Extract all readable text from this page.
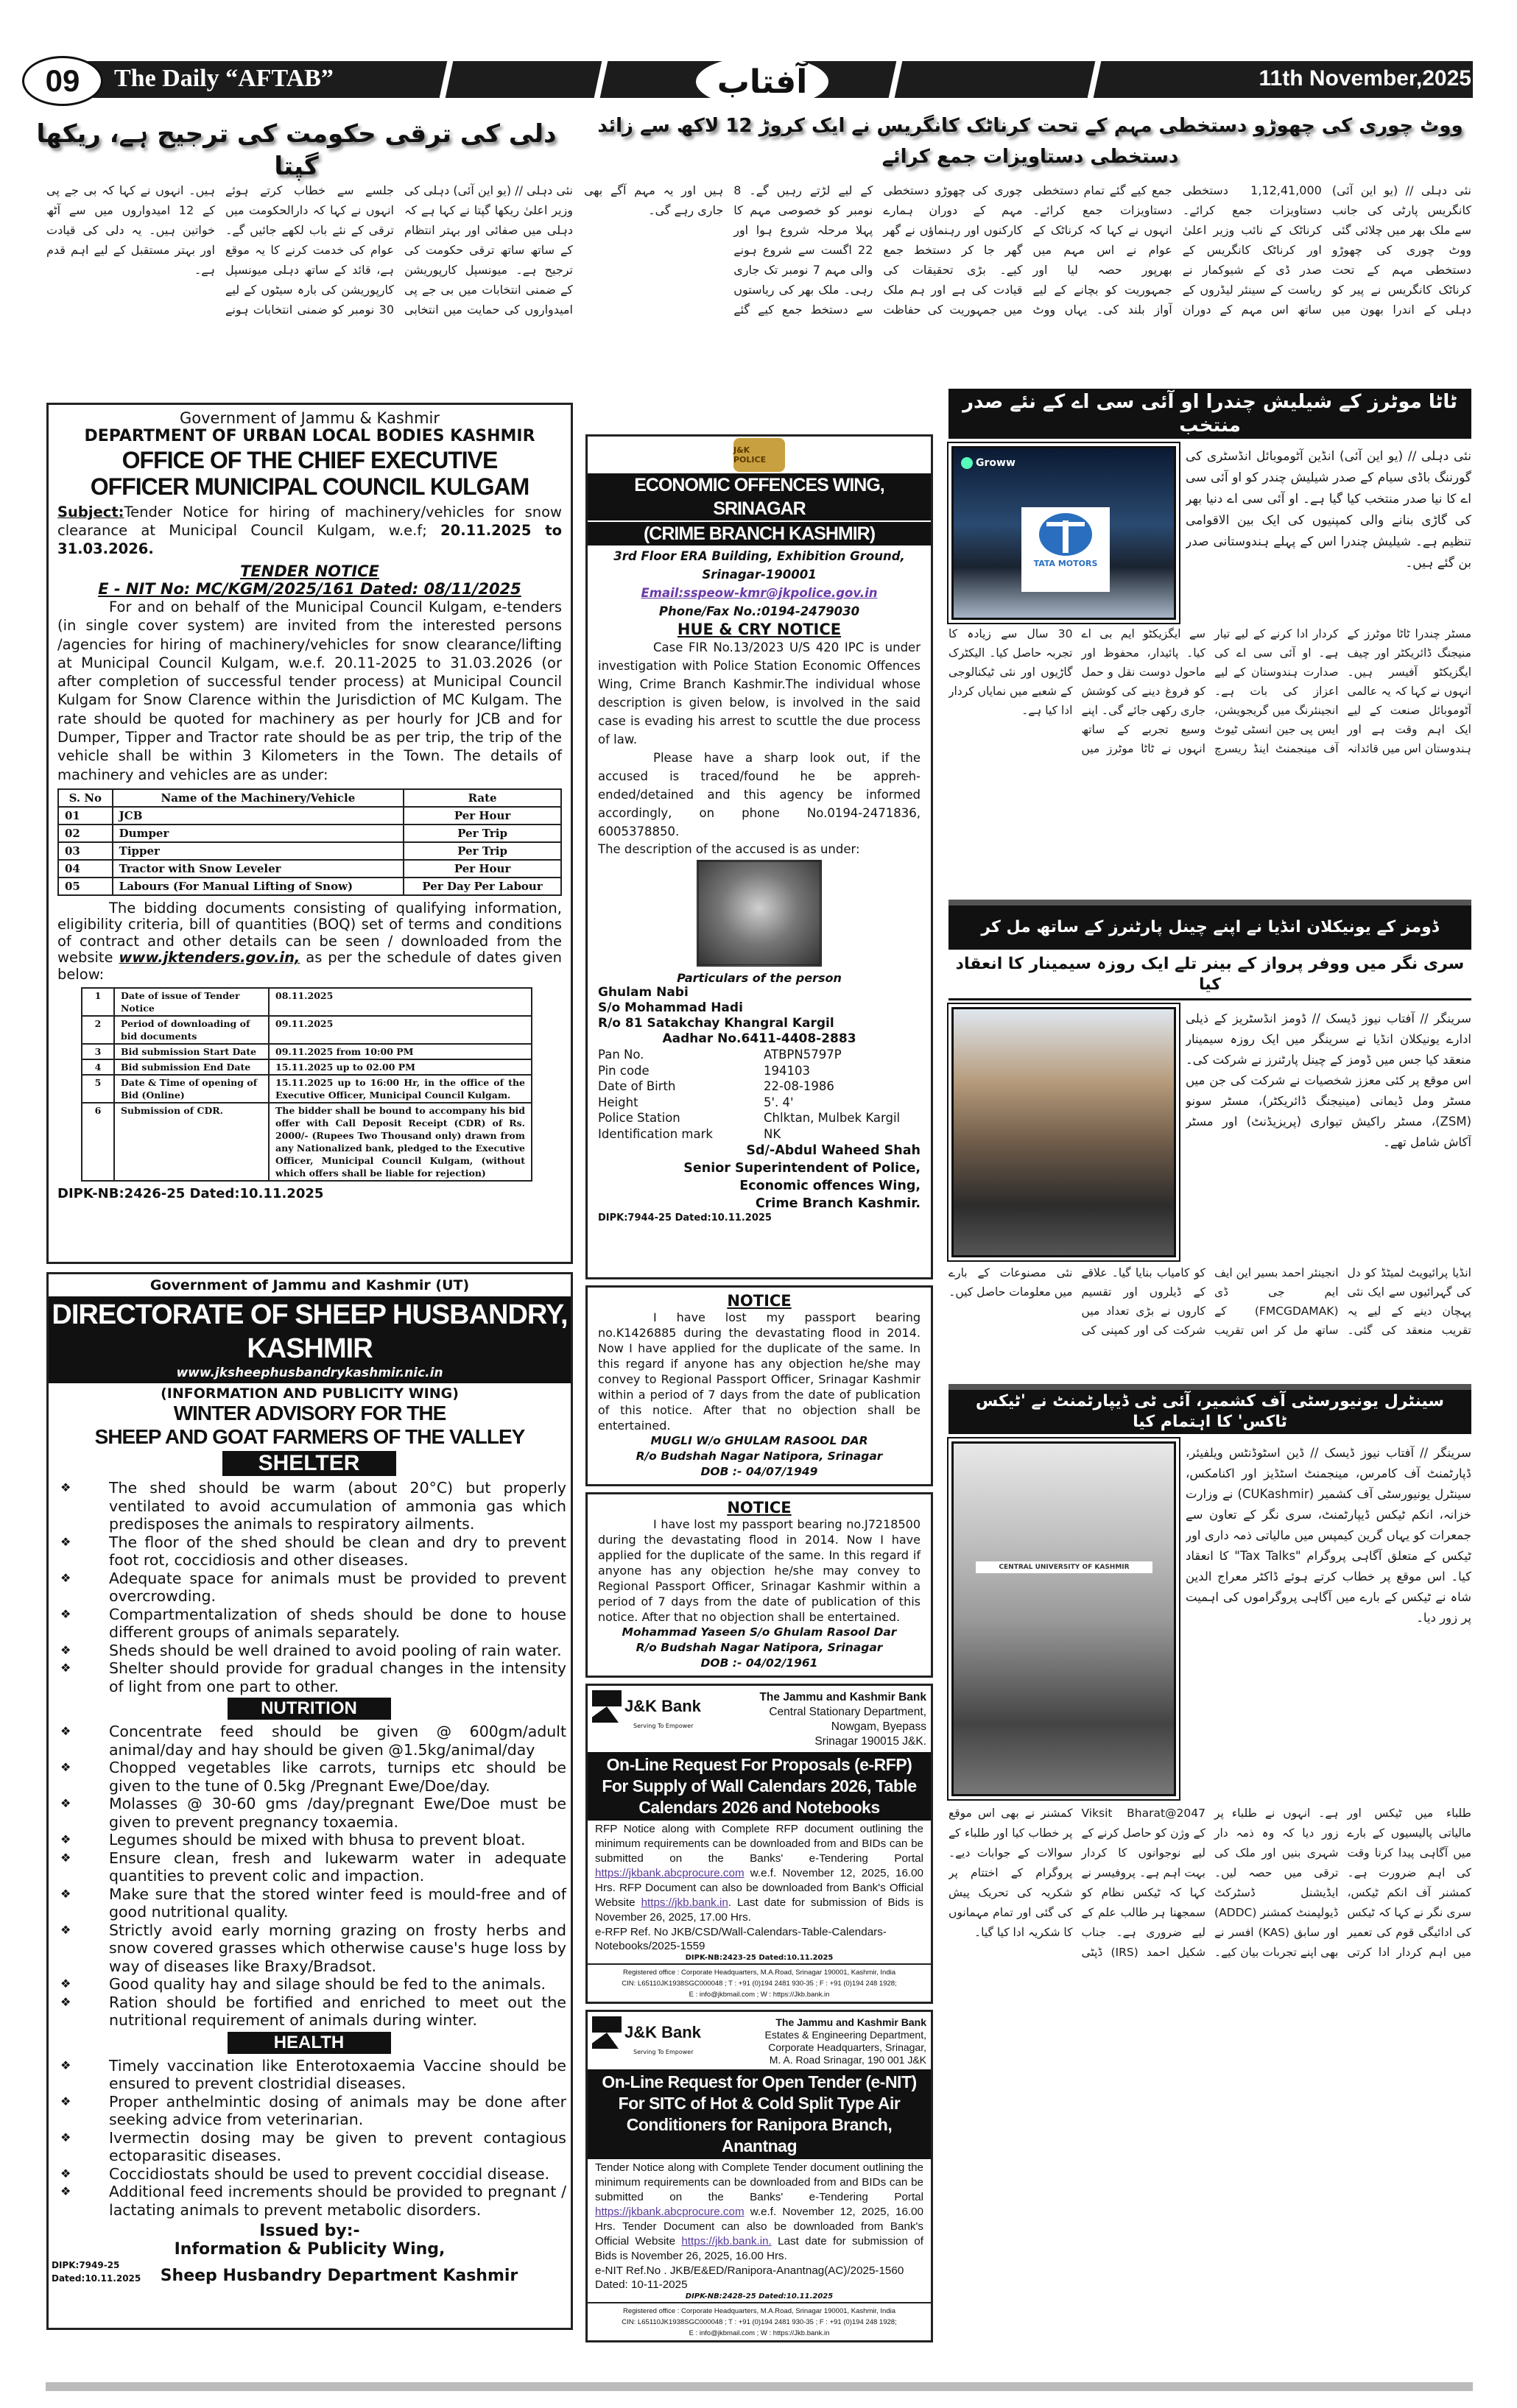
09	The Daily “AFTAB”	آفتاب	11th November,2025
دلی کی ترقی حکومت کی ترجیح ہے، ریکھا گپتا
ووٹ چوری کی چھوڑو دستخطی مہم کے تحت کرناٹک کانگریس نے ایک کروڑ 12 لاکھ سے زائد دستخطی دستاویزات جمع کرائے
نئی دہلی // (یو این آئی) دہلی کی وزیر اعلیٰ ریکھا گپتا نے کہا ہے کہ دہلی میں صفائی اور بہتر انتظام کے ساتھ ساتھ ترقی حکومت کی ترجیح ہے۔ میونسپل کارپوریشن کے ضمنی انتخابات میں بی جے پی امیدواروں کی حمایت میں انتخابی جلسے سے خطاب کرتے ہوئے انہوں نے کہا کہ دارالحکومت میں ترقی کے نئے باب لکھے جائیں گے۔ عوام کی خدمت کرنے کا یہ موقع ہے، قائد کے ساتھ دہلی میونسپل کارپوریشن کی بارہ سیٹوں کے لیے 30 نومبر کو ضمنی انتخابات ہونے ہیں۔ انہوں نے کہا کہ بی جے پی کے 12 امیدواروں میں سے آٹھ خواتین ہیں۔ یہ دلی کی قیادت اور بہتر مستقبل کے لیے اہم قدم ہے۔
نئی دہلی // (یو این آئی) کانگریس پارٹی کی جانب سے ملک بھر میں چلائی گئی ووٹ چوری کی چھوڑو دستخطی مہم کے تحت کرناٹک کانگریس نے پیر کو دہلی کے اندرا بھون میں 1,12,41,000 دستخطی دستاویزات جمع کرائے۔ کرناٹک کے نائب وزیر اعلیٰ اور کرناٹک کانگریس کے صدر ڈی کے شیوکمار نے ریاست کے سینئر لیڈروں کے ساتھ اس مہم کے دوران جمع کیے گئے تمام دستخطی دستاویزات جمع کرائے۔ انہوں نے کہا کہ کرناٹک کے عوام نے اس مہم میں بھرپور حصہ لیا اور جمہوریت کو بچانے کے لیے آواز بلند کی۔ یہاں ووٹ چوری کی چھوڑو دستخطی مہم کے دوران ہمارے کارکنوں اور رہنماؤں نے گھر گھر جا کر دستخط جمع کیے۔ بڑی تحقیقات کی قیادت کی ہے اور ہم ملک میں جمہوریت کی حفاظت کے لیے لڑتے رہیں گے۔ 8 نومبر کو خصوصی مہم کا پہلا مرحلہ شروع ہوا اور 22 اگست سے شروع ہونے والی مہم 7 نومبر تک جاری رہی۔ ملک بھر کی ریاستوں سے دستخط جمع کیے گئے ہیں اور یہ مہم آگے بھی جاری رہے گی۔
Government of Jammu & Kashmir
DEPARTMENT OF URBAN LOCAL BODIES KASHMIR
OFFICE OF THE CHIEF EXECUTIVE OFFICER MUNICIPAL COUNCIL KULGAM
Subject:Tender Notice for hiring of machinery/vehicles for snow clearance at Municipal Council Kulgam, w.e.f; 20.11.2025 to 31.03.2026.
TENDER NOTICE
E - NIT No: MC/KGM/2025/161 Dated: 08/11/2025
For and on behalf of the Municipal Council Kulgam, e-tenders (in single cover system) are invited from the interested persons /agencies for hiring of machinery/vehicles for snow clearance/lifting at Municipal Council Kulgam, w.e.f. 20.11-2025 to 31.03.2026 (or after completion of successful tender process) at Municipal Council Kulgam for Snow Clarence within the Jurisdiction of MC Kulgam. The rate should be quoted for machinery as per hourly for JCB and for Dumper, Tipper and Tractor rate should be as per trip, the trip of the vehicle shall be within 3 Kilometers in the Town. The details of machinery and vehicles are as under:
S. No	Name of the Machinery/Vehicle	Rate
01	JCB	Per Hour
02	Dumper	Per Trip
03	Tipper	Per Trip
04	Tractor with Snow Leveler	Per Hour
05	Labours (For Manual Lifting of Snow)	Per Day Per Labour
The bidding documents consisting of qualifying information, eligibility criteria, bill of quantities (BOQ) set of terms and conditions of contract and other details can be seen / downloaded from the website www.jktenders.gov.in, as per the schedule of dates given below:
1	Date of issue of Tender Notice	08.11.2025
2	Period of downloading of bid documents	09.11.2025
3	Bid submission Start Date	09.11.2025 from 10:00 PM
4	Bid submission End Date	15.11.2025 up to 02.00 PM
5	Date & Time of opening of Bid (Online)	15.11.2025 up to 16:00 Hr, in the office of the Executive Officer, Municipal Council Kulgam.
6	Submission of CDR.	The bidder shall be bound to accompany his bid offer with Call Deposit Receipt (CDR) of Rs. 2000/- (Rupees Two Thousand only) drawn from any Nationalized bank, pledged to the Executive Officer, Municipal Council Kulgam, (without which offers shall be liable for rejection)
DIPK-NB:2426-25 Dated:10.11.2025
Government of Jammu and Kashmir (UT)
DIRECTORATE OF SHEEP HUSBANDRY, KASHMIR
www.jksheephusbandrykashmir.nic.in
(INFORMATION AND PUBLICITY WING)
WINTER ADVISORY FOR THE
SHEEP AND GOAT FARMERS OF THE VALLEY
SHELTER
❖ The shed should be warm (about 20°C) but properly ventilated to avoid accumulation of ammonia gas which predisposes the animals to respiratory ailments.
❖ The floor of the shed should be clean and dry to prevent foot rot, coccidiosis and other diseases.
❖ Adequate space for animals must be provided to prevent overcrowding.
❖ Compartmentalization of sheds should be done to house different groups of animals separately.
❖ Sheds should be well drained to avoid pooling of rain water.
❖ Shelter should provide for gradual changes in the intensity of light from one part to other.
NUTRITION
❖ Concentrate feed should be given @ 600gm/adult animal/day and hay should be given @1.5kg/animal/day
❖ Chopped vegetables like carrots, turnips etc should be given to the tune of 0.5kg /Pregnant Ewe/Doe/day.
❖ Molasses @ 30-60 gms /day/pregnant Ewe/Doe must be given to prevent pregnancy toxaemia.
❖ Legumes should be mixed with bhusa to prevent bloat.
❖ Ensure clean, fresh and lukewarm water in adequate quantities to prevent colic and impaction.
❖ Make sure that the stored winter feed is mould-free and of good nutritional quality.
❖ Strictly avoid early morning grazing on frosty herbs and snow covered grasses which otherwise cause's huge loss by way of diseases like Braxy/Bradsot.
❖ Good quality hay and silage should be fed to the animals.
❖ Ration should be fortified and enriched to meet out the nutritional requirement of animals during winter.
HEALTH
❖ Timely vaccination like Enterotoxaemia Vaccine should be ensured to prevent clostridial diseases.
❖ Proper anthelmintic dosing of animals may be done after seeking advice from veterinarian.
❖ Ivermectin dosing may be given to prevent contagious ectoparasitic diseases.
❖ Coccidiostats should be used to prevent coccidial disease.
❖ Additional feed increments should be provided to pregnant / lactating animals to prevent metabolic disorders.
Issued by:-
Information & Publicity Wing,
DIPK:7949-25
Dated:10.11.2025	Sheep Husbandry Department Kashmir
J&K POLICE
ECONOMIC OFFENCES WING, SRINAGAR
(CRIME BRANCH KASHMIR)
3rd Floor ERA Building, Exhibition Ground,
Srinagar-190001
Email:sspeow-kmr@jkpolice.gov.in
Phone/Fax No.:0194-2479030
HUE & CRY NOTICE
Case FIR No.13/2023 U/S 420 IPC is under investigation with Police Station Economic Offences Wing, Crime Branch Kashmir.The individual whose description is given below, is involved in the said case is evading his arrest to scuttle the due process of law.
Please have a sharp look out, if the accused is traced/found he be appreh-ended/detained and this agency be informed accordingly, on phone No.0194-2471836, 6005378850.
The description of the accused is as under:
Particulars of the person
Ghulam Nabi
S/o Mohammad Hadi
R/o 81 Satakchay Khangral Kargil
Aadhar No.6411-4408-2883
Pan No.	ATBPN5797P
Pin code	194103
Date of Birth	22-08-1986
Height	5'. 4'
Police Station	Chlktan, Mulbek Kargil
Identification mark	NK
Sd/-Abdul Waheed Shah
Senior Superintendent of Police,
Economic offences Wing,
Crime Branch Kashmir.
DIPK:7944-25 Dated:10.11.2025
NOTICE
I have lost my passport bearing no.K1426885 during the devastating flood in 2014. Now I have applied for the duplicate of the same. In this regard if anyone has any objection he/she may convey to Regional Passport Officer, Srinagar Kashmir within a period of 7 days from the date of publication of this notice. After that no objection shall be entertained.
MUGLI W/o GHULAM RASOOL DAR
R/o Budshah Nagar Natipora, Srinagar
DOB :- 04/07/1949
NOTICE
I have lost my passport bearing no.J7218500 during the devastating flood in 2014. Now I have applied for the duplicate of the same. In this regard if anyone has any objection he/she may convey to Regional Passport Officer, Srinagar Kashmir within a period of 7 days from the date of publication of this notice. After that no objection shall be entertained.
Mohammad Yaseen S/o Ghulam Rasool Dar
R/o Budshah Nagar Natipora, Srinagar
DOB :- 04/02/1961
J&K Bank
Serving To Empower
The Jammu and Kashmir Bank
Central Stationary Department,
Nowgam, Byepass
Srinagar 190015 J&K.
On-Line Request For Proposals (e-RFP) For Supply of Wall Calendars 2026, Table Calendars 2026 and Notebooks
RFP Notice along with Complete RFP document outlining the minimum requirements can be downloaded from and BIDs can be submitted on the Banks' e-Tendering Portal https://jkbank.abcprocure.com w.e.f. November 12, 2025, 16.00 Hrs. RFP Document can also be downloaded from Bank's Official Website https://jkb.bank.in. Last date for submission of Bids is November 26, 2025, 17.00 Hrs.
e-RFP Ref. No JKB/CSD/Wall-Calendars-Table-Calendars-Notebooks/2025-1559
DIPK-NB:2423-25 Dated:10.11.2025
Registered office : Corporate Headquarters, M.A.Road, Srinagar 190001, Kashmir, India
CIN: L65110JK1938SGC000048 ; T : +91 (0)194 2481 930-35 ; F : +91 (0)194 248 1928;
E : info@jkbmail.com ; W : https://Jkb.bank.in
J&K Bank
Serving To Empower
The Jammu and Kashmir Bank
Estates & Engineering Department,
Corporate Headquarters, Srinagar,
M. A. Road Srinagar, 190 001 J&K
On-Line Request for Open Tender (e-NIT) For SITC of Hot & Cold Split Type Air Conditioners for Ranipora Branch, Anantnag
Tender Notice along with Complete Tender document outlining the minimum requirements can be downloaded from and BIDs can be submitted on the Banks' e-Tendering Portal https://jkbank.abcprocure.com w.e.f. November 12, 2025, 16.00 Hrs. Tender Document can also be downloaded from Bank's Official Website https://jkb.bank.in. Last date for submission of Bids is November 26, 2025, 16.00 Hrs.
e-NIT Ref.No . JKB/E&ED/Ranipora-Anantnag(AC)/2025-1560
Dated: 10-11-2025
DIPK-NB:2428-25 Dated:10.11.2025
Registered office : Corporate Headquarters, M.A.Road, Srinagar 190001, Kashmir, India
CIN: L65110JK1938SGC000048 ; T : +91 (0)194 2481 930-35 ; F : +91 (0)194 248 1928;
E : info@jkbmail.com ; W : https://Jkb.bank.in
ٹاٹا موٹرز کے شیلیش چندرا او آئی سی اے کے نئے صدر منتخب
Groww
TATA MOTORS
نئی دہلی // (یو این آئی) انڈین آٹوموبائل انڈسٹری کی گورننگ باڈی سیام کے صدر شیلیش چندر کو او آئی سی اے کا نیا صدر منتخب کیا گیا ہے۔ او آئی سی اے دنیا بھر کی گاڑی بنانے والی کمپنیوں کی ایک بین الاقوامی تنظیم ہے۔ شیلیش چندرا اس کے پہلے ہندوستانی صدر بن گئے ہیں۔
مسٹر چندرا ٹاٹا موٹرز کے منیجنگ ڈائریکٹر اور چیف ایگزیکٹو آفیسر ہیں۔ انہوں نے کہا کہ یہ عالمی آٹوموبائل صنعت کے لیے ایک اہم وقت ہے اور ہندوستان اس میں قائدانہ کردار ادا کرنے کے لیے تیار ہے۔ او آئی سی اے کی صدارت ہندوستان کے لیے اعزاز کی بات ہے۔ انجینئرنگ میں گریجویشن، ایس پی جین انسٹی ٹیوٹ آف مینجمنٹ اینڈ ریسرچ سے ایگزیکٹو ایم بی اے کیا۔ پائیدار، محفوظ اور ماحول دوست نقل و حمل کو فروغ دینے کی کوشش جاری رکھی جائے گی۔ اپنے وسیع تجربے کے ساتھ انہوں نے ٹاٹا موٹرز میں 30 سال سے زیادہ کا تجربہ حاصل کیا۔ الیکٹرک گاڑیوں اور نئی ٹیکنالوجی کے شعبے میں نمایاں کردار ادا کیا ہے۔
ڈومز کے یونیکلان انڈیا نے اپنے چینل پارٹنرز کے ساتھ مل کر
سری نگر میں ووفر پرواز کے بینر تلے ایک روزہ سیمینار کا انعقاد کیا
سرینگر // آفتاب نیوز ڈیسک // ڈومز انڈسٹریز کے ذیلی ادارے یونیکلان انڈیا نے سرینگر میں ایک روزہ سیمینار منعقد کیا جس میں ڈومز کے چینل پارٹنرز نے شرکت کی۔ اس موقع پر کئی معزز شخصیات نے شرکت کی جن میں مسٹر ومل ڈیمانی (مینیجنگ ڈائریکٹر)، مسٹر سونو (ZSM)، مسٹر راکیش تیواری (پریزیڈنٹ) اور مسٹر آکاش شامل تھے۔
انڈیا پرائیویٹ لمیٹڈ کو دل کی گہرائیوں سے ایک نئی پہچان دینے کے لیے یہ تقریب منعقد کی گئی۔ انجینئر احمد بسیر این ایف ایم جی ڈی (FMCGDAMAK) کے ساتھ مل کر اس تقریب کو کامیاب بنایا گیا۔ علاقے کے ڈیلروں اور تقسیم کاروں نے بڑی تعداد میں شرکت کی اور کمپنی کی نئی مصنوعات کے بارے میں معلومات حاصل کیں۔
سینٹرل یونیورسٹی آف کشمیر، آئی ٹی ڈیپارٹمنٹ نے 'ٹیکس ٹاکس' کا اہتمام کیا
CENTRAL UNIVERSITY OF KASHMIR
سرینگر // آفتاب نیوز ڈیسک // ڈین اسٹوڈنٹس ویلفیئر، ڈپارٹمنٹ آف کامرس، مینجمنٹ اسٹڈیز اور اکنامکس، سینٹرل یونیورسٹی آف کشمیر (CUKashmir) نے وزارت خزانہ، انکم ٹیکس ڈیپارٹمنٹ، سری نگر کے تعاون سے جمعرات کو یہاں گرین کیمپس میں مالیاتی ذمہ داری اور ٹیکس کے متعلق آگاہی پروگرام "Tax Talks" کا انعقاد کیا۔ اس موقع پر خطاب کرتے ہوئے ڈاکٹر معراج الدین شاہ نے ٹیکس کے بارے میں آگاہی پروگراموں کی اہمیت پر زور دیا۔
طلباء میں ٹیکس اور مالیاتی پالیسیوں کے بارے میں آگاہی پیدا کرنا وقت کی اہم ضرورت ہے۔ کمشنر آف انکم ٹیکس، سری نگر نے کہا کہ ٹیکس کی ادائیگی قوم کی تعمیر میں اہم کردار ادا کرتی ہے۔ انہوں نے طلباء پر زور دیا کہ وہ ذمہ دار شہری بنیں اور ملک کی ترقی میں حصہ لیں۔ ایڈیشنل ڈسٹرکٹ ڈیولپمنٹ کمشنر (ADDC) اور سابق (KAS) افسر نے بھی اپنے تجربات بیان کیے۔ Viksit Bharat@2047 کے وژن کو حاصل کرنے کے لیے نوجوانوں کا کردار بہت اہم ہے۔ پروفیسر نے کہا کہ ٹیکس نظام کو سمجھنا ہر طالب علم کے لیے ضروری ہے۔ جناب شکیل احمد (IRS) ڈپٹی کمشنر نے بھی اس موقع پر خطاب کیا اور طلباء کے سوالات کے جوابات دیے۔ پروگرام کے اختتام پر شکریہ کی تحریک پیش کی گئی اور تمام مہمانوں کا شکریہ ادا کیا گیا۔
